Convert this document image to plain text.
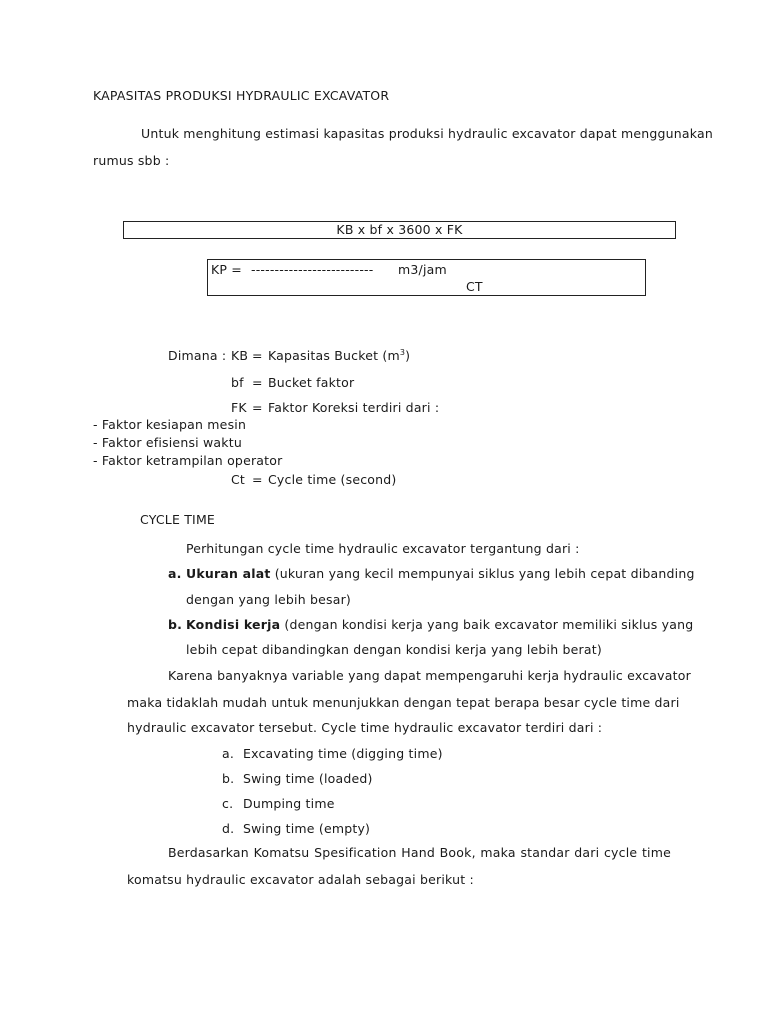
KAPASITAS PRODUKSI HYDRAULIC EXCAVATOR
Untuk menghitung estimasi kapasitas produksi hydraulic excavator dapat menggunakan
rumus sbb :
KB x bf x 3600 x FK
KP = -------------------------- m3/jam
CT
Dimana : KB = Kapasitas Bucket $(m^3)$
bf = Bucket faktor
FK = Faktor Koreksi terdiri dari :
- Faktor kesiapan mesin
- Faktor efisiensi waktu
- Faktor ketrampilan operator
Ct = Cycle time (second)
CYCLE TIME
Perhitungan cycle time hydraulic excavator tergantung dari :
a. Ukuran alat (ukuran yang kecil mempunyai siklus yang lebih cepat dibanding
dengan yang lebih besar)
b. Kondisi kerja (dengan kondisi kerja yang baik excavator memiliki siklus yang
lebih cepat dibandingkan dengan kondisi kerja yang lebih berat)
Karena banyaknya variable yang dapat mempengaruhi kerja hydraulic excavator
maka tidaklah mudah untuk menunjukkan dengan tepat berapa besar cycle time dari
hydraulic excavator tersebut. Cycle time hydraulic excavator terdiri dari :
a. Excavating time (digging time)
b. Swing time (loaded)
c. Dumping time
d. Swing time (empty)
Berdasarkan Komatsu Spesification Hand Book, maka standar dari cycle time
komatsu hydraulic excavator adalah sebagai berikut :
